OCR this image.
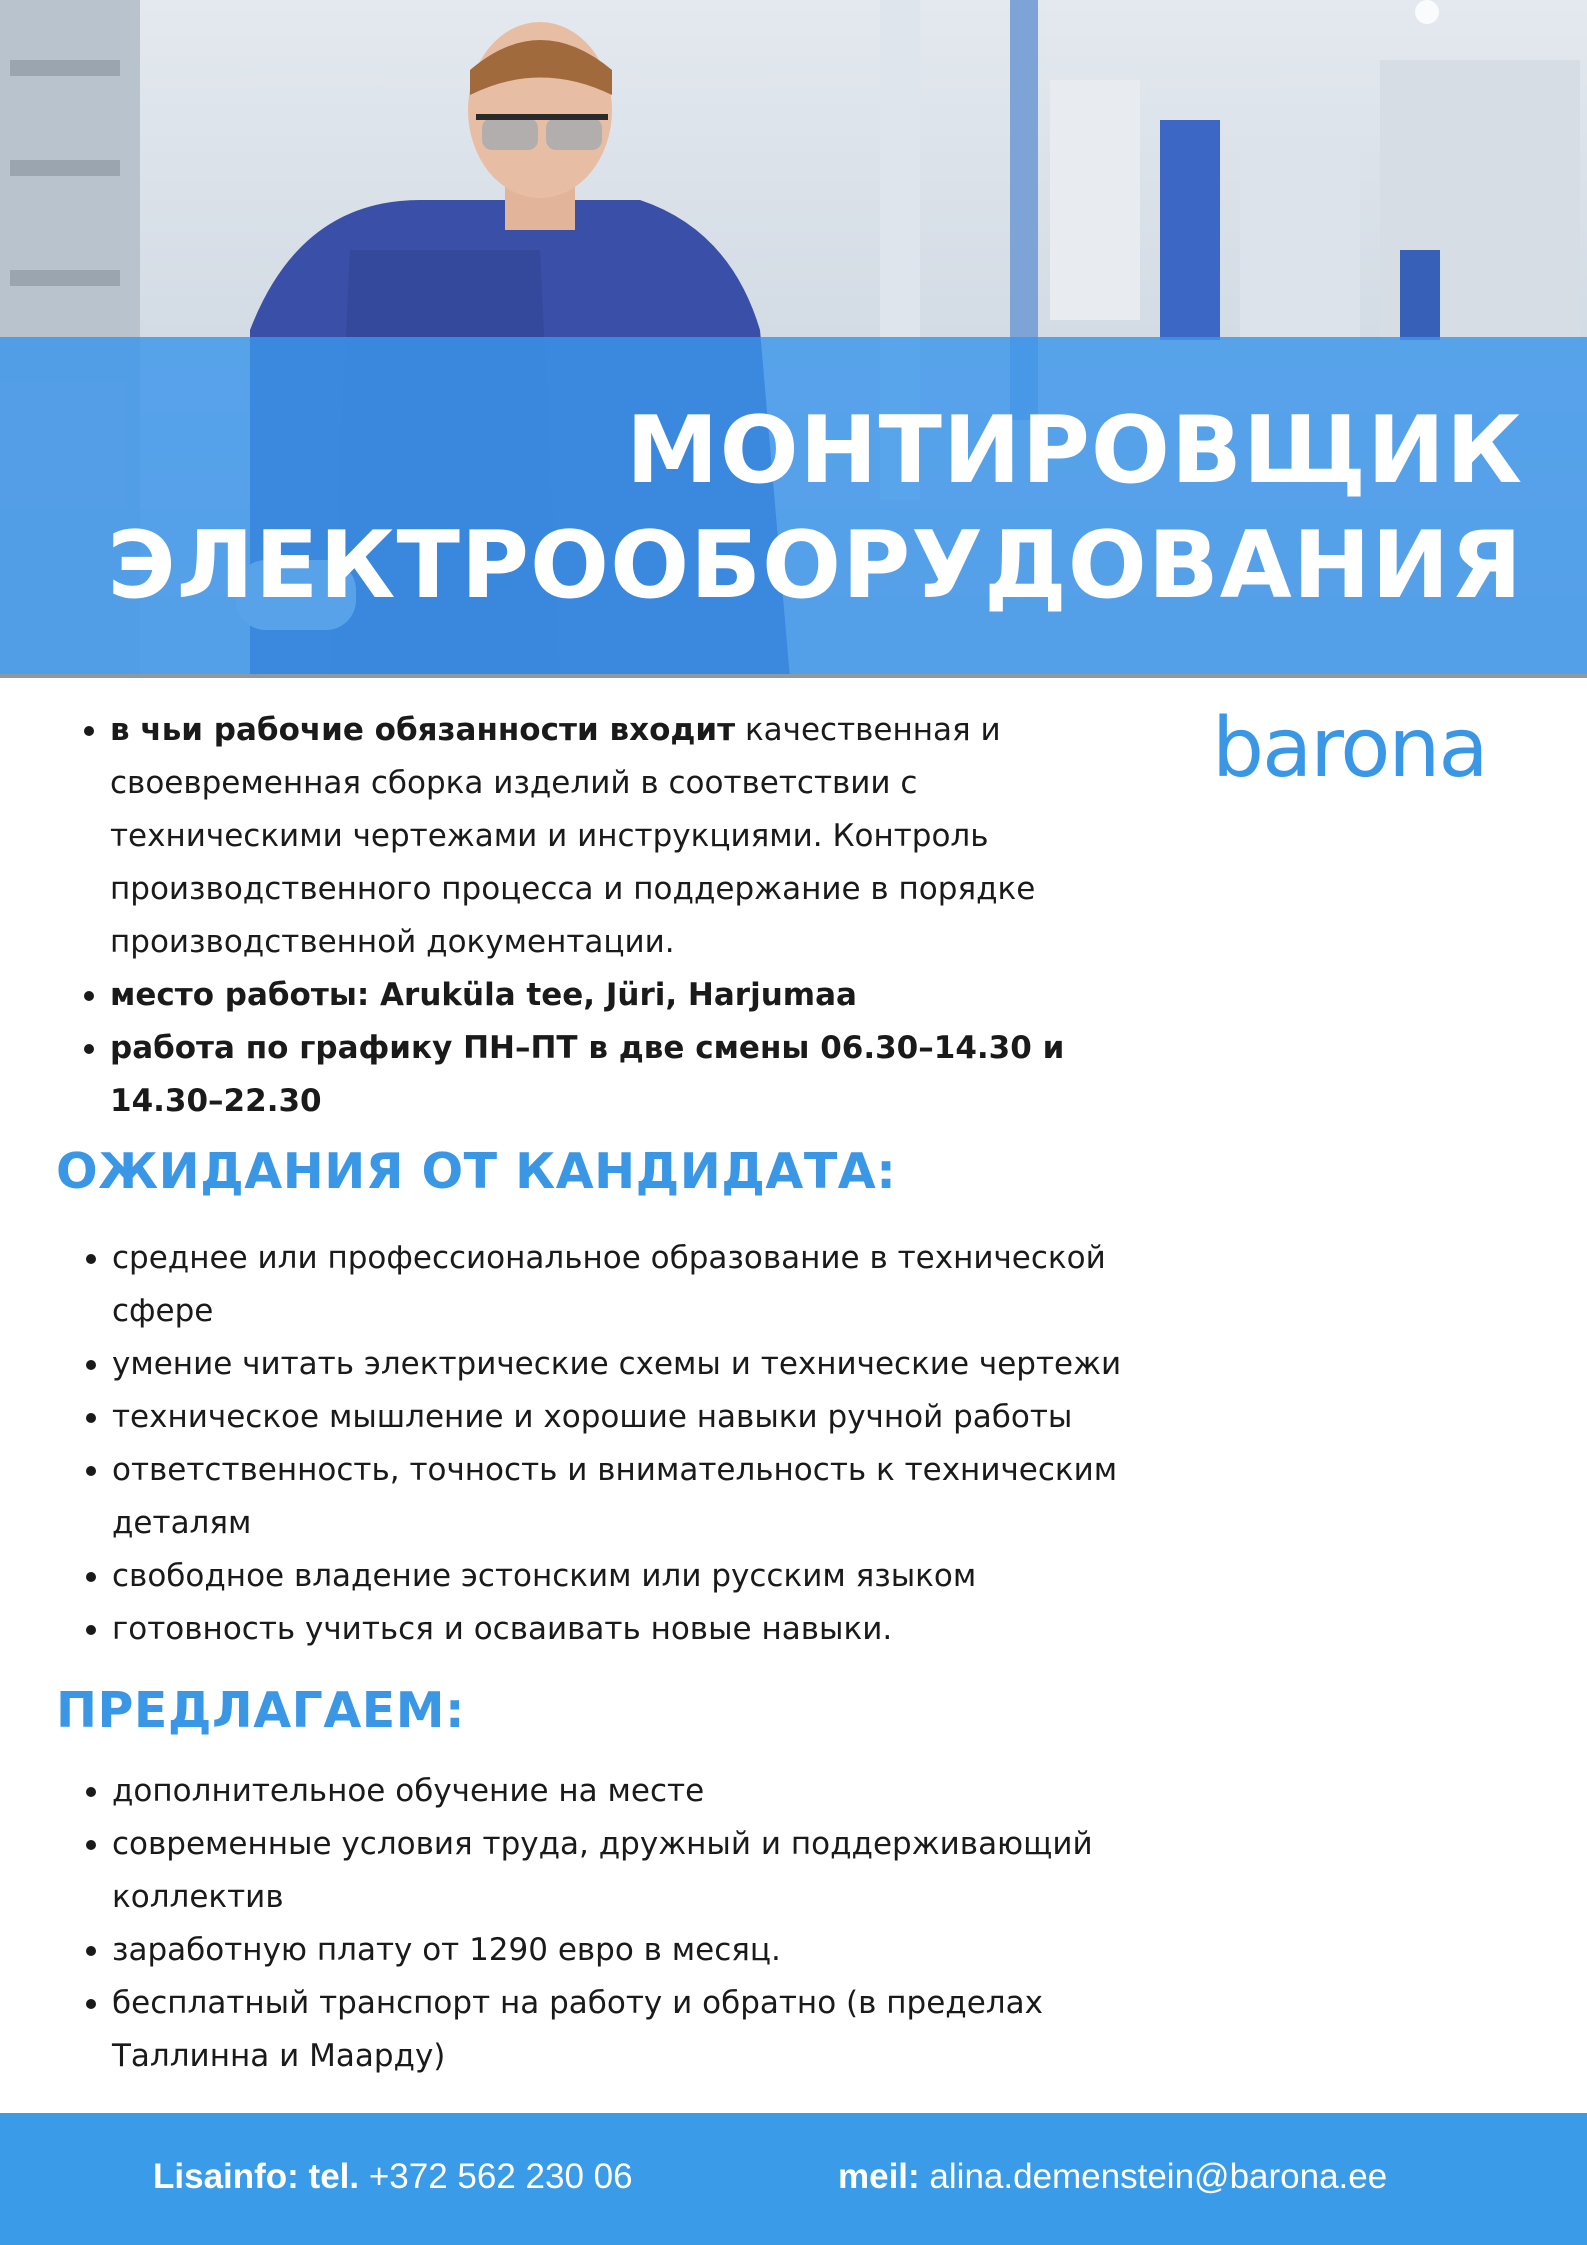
МОНТИРОВЩИК
ЭЛЕКТРООБОРУДОВАНИЯ
barona
в чьи рабочие обязанности входит качественная и своевременная сборка изделий в соответствии с техническими чертежами и инструкциями. Контроль производственного процесса и поддержание в порядке производственной документации.
место работы: Aruküla tee, Jüri, Harjumaa
работа по графику ПН–ПТ в две смены 06.30–14.30 и 14.30–22.30
ОЖИДАНИЯ ОТ КАНДИДАТА:
среднее или профессиональное образование в технической сфере
умение читать электрические схемы и технические чертежи
техническое мышление и хорошие навыки ручной работы
ответственность, точность и внимательность к техническим деталям
свободное владение эстонским или русским языком
готовность учиться и осваивать новые навыки.
ПРЕДЛАГАЕМ:
дополнительное обучение на месте
современные условия труда, дружный и поддерживающий коллектив
заработную плату от 1290 евро в месяц.
бесплатный транспорт на работу и обратно (в пределах Таллинна и Маарду)
Lisainfo: tel. +372 562 230 06	meil: alina.demenstein@barona.ee
